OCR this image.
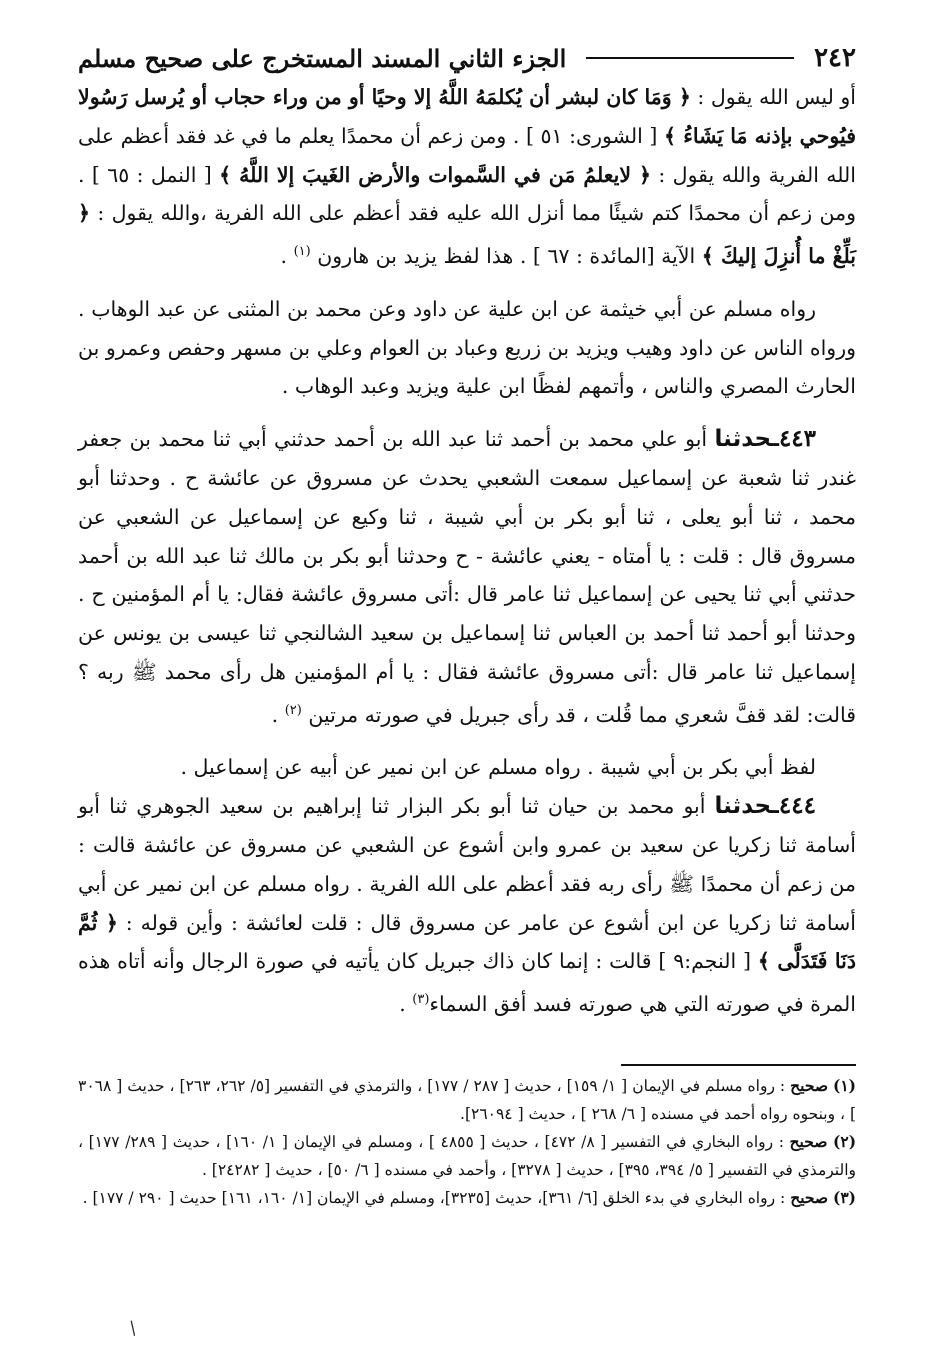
٢٤٢
الجزء الثاني المسند المستخرج على صحيح مسلم

أو ليس الله يقول : ﴿ وَمَا كان لبشر أن يُكلمَهُ اللَّهُ إلا وحيًا أو من وراء حجاب أو يُرسل رَسُولا فيُوحي بإذنه مَا يَشَاءُ ﴾ [ الشورى: ٥١ ] . ومن زعم أن محمدًا يعلم ما في غد فقد أعظم على الله الفرية والله يقول : ﴿ لايعلمُ مَن في السَّموات والأرض الغَيبَ إلا اللَّهُ ﴾ [ النمل : ٦٥ ] . ومن زعم أن محمدًا كتم شيئًا مما أنزل الله عليه فقد أعظم على الله الفرية ،والله يقول : ﴿ بَلِّغْ ما أُنزِلَ إليكَ ﴾ الآية [المائدة : ٦٧ ] . هذا لفظ يزيد بن هارون $^{(١)}$ .

رواه مسلم عن أبي خيثمة عن ابن علية عن داود وعن محمد بن المثنى عن عبد الوهاب . ورواه الناس عن داود وهيب ويزيد بن زريع وعباد بن العوام وعلي بن مسهر وحفص وعمرو بن الحارث المصري والناس ، وأتمهم لفظًا ابن علية ويزيد وعبد الوهاب .

٤٤٣ـحدثنا أبو علي محمد بن أحمد ثنا عبد الله بن أحمد حدثني أبي ثنا محمد بن جعفر غندر ثنا شعبة عن إسماعيل سمعت الشعبي يحدث عن مسروق عن عائشة ح . وحدثنا أبو محمد ، ثنا أبو يعلى ، ثنا أبو بكر بن أبي شيبة ، ثنا وكيع عن إسماعيل عن الشعبي عن مسروق قال : قلت : يا أمتاه - يعني عائشة - ح وحدثنا أبو بكر بن مالك ثنا عبد الله بن أحمد حدثني أبي ثنا يحيى عن إسماعيل ثنا عامر قال :أتى مسروق عائشة فقال: يا أم المؤمنين ح . وحدثنا أبو أحمد ثنا أحمد بن العباس ثنا إسماعيل بن سعيد الشالنجي ثنا عيسى بن يونس عن إسماعيل ثنا عامر قال :أتى مسروق عائشة فقال : يا أم المؤمنين هل رأى محمد ﷺ ربه ؟ قالت: لقد قفَّ شعري مما قُلت ، قد رأى جبريل في صورته مرتين $^{(٢)}$ .

لفظ أبي بكر بن أبي شيبة . رواه مسلم عن ابن نمير عن أبيه عن إسماعيل .

٤٤٤ـحدثنا أبو محمد بن حيان ثنا أبو بكر البزار ثنا إبراهيم بن سعيد الجوهري ثنا أبو أسامة ثنا زكريا عن سعيد بن عمرو وابن أشوع عن الشعبي عن مسروق عن عائشة قالت : من زعم أن محمدًا ﷺ رأى ربه فقد أعظم على الله الفرية . رواه مسلم عن ابن نمير عن أبي أسامة ثنا زكريا عن ابن أشوع عن عامر عن مسروق قال : قلت لعائشة : وأين قوله : ﴿ ثُمَّ دَنَا فَتَدَلَّى ﴾ [ النجم:٩ ] قالت : إنما كان ذاك جبريل كان يأتيه في صورة الرجال وأنه أتاه هذه المرة في صورته التي هي صورته فسد أفق السماء$^{(٣)}$ .

(١) صحيح : رواه مسلم في الإيمان [ ١/ ١٥٩] ، حديث [ ٢٨٧ / ١٧٧] ، والترمذي في التفسير [٥/ ٢٦٢، ٢٦٣] ، حديث [ ٣٠٦٨ ] ، وبنحوه رواه أحمد في مسنده [ ٦/ ٢٦٨ ] ، حديث [ ٢٦٠٩٤].

(٢) صحيح : رواه البخاري في التفسير [ ٨/ ٤٧٢] ، حديث [ ٤٨٥٥ ] ، ومسلم في الإيمان [ ١/ ١٦٠] ، حديث [ ٢٨٩/ ١٧٧] ، والترمذي في التفسير [ ٥/ ٣٩٤، ٣٩٥] ، حديث [ ٣٢٧٨] ، وأحمد في مسنده [ ٦/ ٥٠] ، حديث [ ٢٤٢٨٢] .

(٣) صحيح : رواه البخاري في بدء الخلق [٦/ ٣٦١]، حديث [٣٢٣٥]، ومسلم في الإيمان [١/ ١٦٠، ١٦١] حديث [ ٢٩٠ / ١٧٧] .

/
